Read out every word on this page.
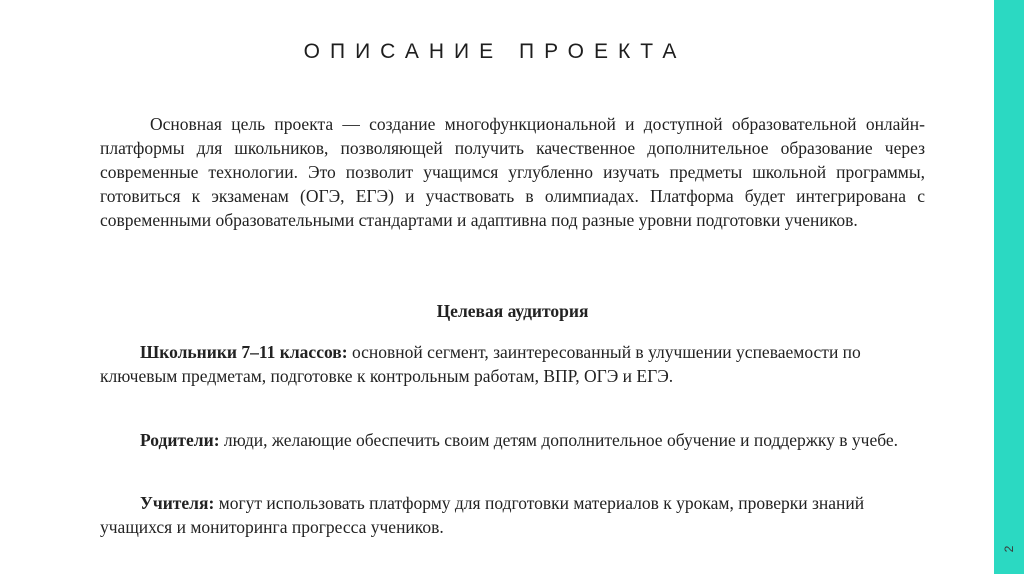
2
ОПИСАНИЕ ПРОЕКТА

Основная цель проекта — создание многофункциональной и доступной образовательной онлайн-платформы для школьников, позволяющей получить качественное дополнительное образование через современные технологии. Это позволит учащимся углубленно изучать предметы школьной программы, готовиться к экзаменам (ОГЭ, ЕГЭ) и участвовать в олимпиадах. Платформа будет интегрирована с современными образовательными стандартами и адаптивна под разные уровни подготовки учеников.

Целевая аудитория

Школьники 7–11 классов: основной сегмент, заинтересованный в улучшении успеваемости по ключевым предметам, подготовке к контрольным работам, ВПР, ОГЭ и ЕГЭ.

Родители: люди, желающие обеспечить своим детям дополнительное обучение и поддержку в учебе.

Учителя: могут использовать платформу для подготовки материалов к урокам, проверки знаний учащихся и мониторинга прогресса учеников.
